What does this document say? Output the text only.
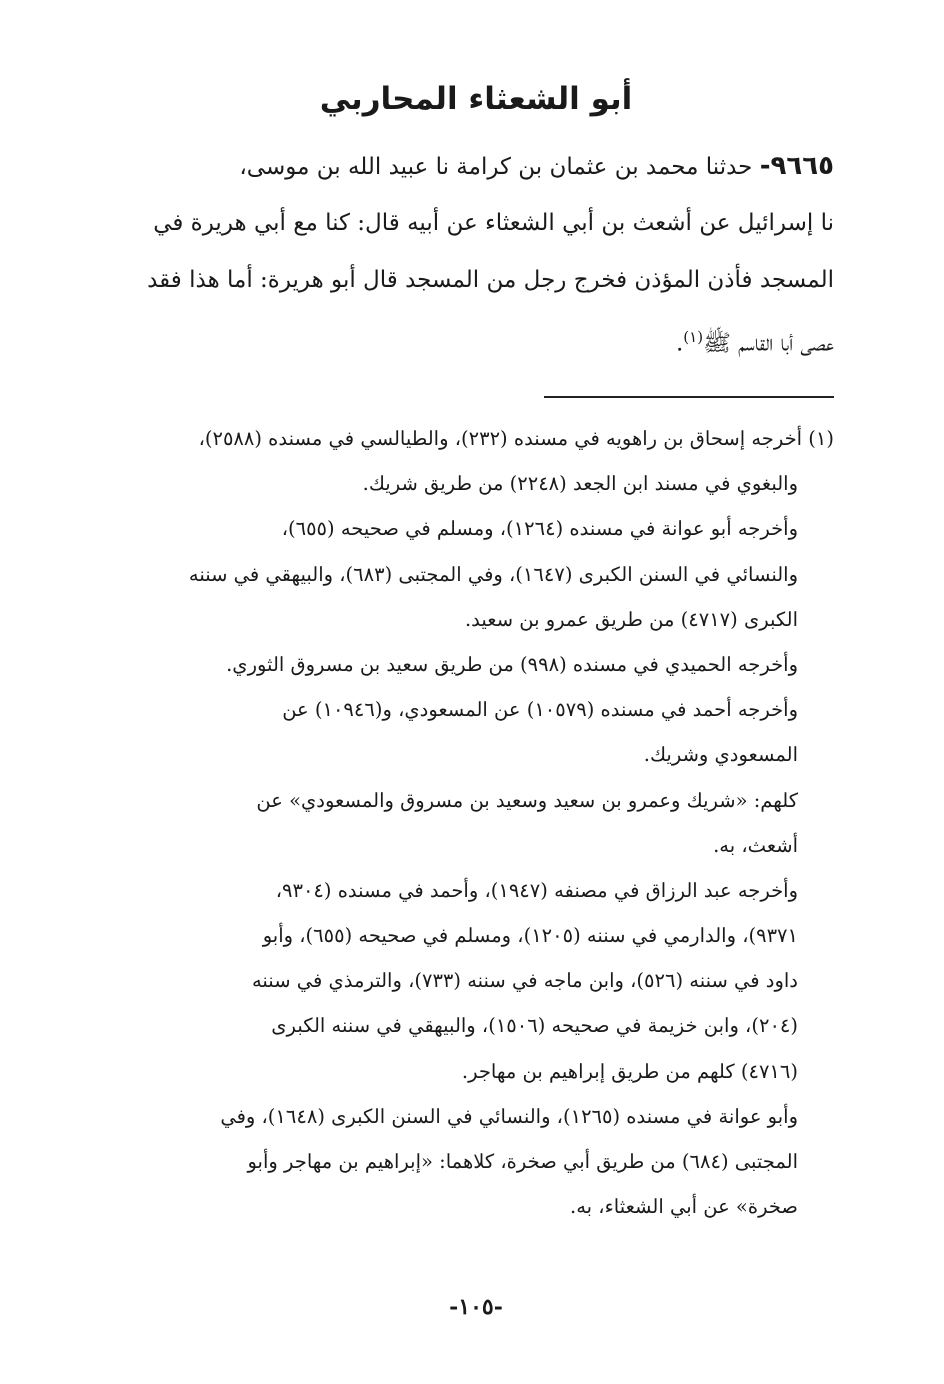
أبو الشعثاء المحاربي
٩٦٦٥- حدثنا محمد بن عثمان بن كرامة نا عبيد الله بن موسى،
نا إسرائيل عن أشعث بن أبي الشعثاء عن أبيه قال: كنا مع أبي هريرة في
المسجد فأذن المؤذن فخرج رجل من المسجد قال أبو هريرة: أما هذا فقد
عصى أبا القاسم ﷺ$^{(١)}$.
(١) أخرجه إسحاق بن راهويه في مسنده (٢٣٢)، والطيالسي في مسنده (٢٥٨٨)،
والبغوي في مسند ابن الجعد (٢٢٤٨) من طريق شريك.
وأخرجه أبو عوانة في مسنده (١٢٦٤)، ومسلم في صحيحه (٦٥٥)،
والنسائي في السنن الكبرى (١٦٤٧)، وفي المجتبى (٦٨٣)، والبيهقي في سننه
الكبرى (٤٧١٧) من طريق عمرو بن سعيد.
وأخرجه الحميدي في مسنده (٩٩٨) من طريق سعيد بن مسروق الثوري.
وأخرجه أحمد في مسنده (١٠٥٧٩) عن المسعودي، و(١٠٩٤٦) عن
المسعودي وشريك.
كلهم: «شريك وعمرو بن سعيد وسعيد بن مسروق والمسعودي» عن
أشعث، به.
وأخرجه عبد الرزاق في مصنفه (١٩٤٧)، وأحمد في مسنده (٩٣٠٤،
٩٣٧١)، والدارمي في سننه (١٢٠٥)، ومسلم في صحيحه (٦٥٥)، وأبو
داود في سننه (٥٢٦)، وابن ماجه في سننه (٧٣٣)، والترمذي في سننه
(٢٠٤)، وابن خزيمة في صحيحه (١٥٠٦)، والبيهقي في سننه الكبرى
(٤٧١٦) كلهم من طريق إبراهيم بن مهاجر.
وأبو عوانة في مسنده (١٢٦٥)، والنسائي في السنن الكبرى (١٦٤٨)، وفي
المجتبى (٦٨٤) من طريق أبي صخرة، كلاهما: «إبراهيم بن مهاجر وأبو
صخرة» عن أبي الشعثاء، به.
-١٠٥-
